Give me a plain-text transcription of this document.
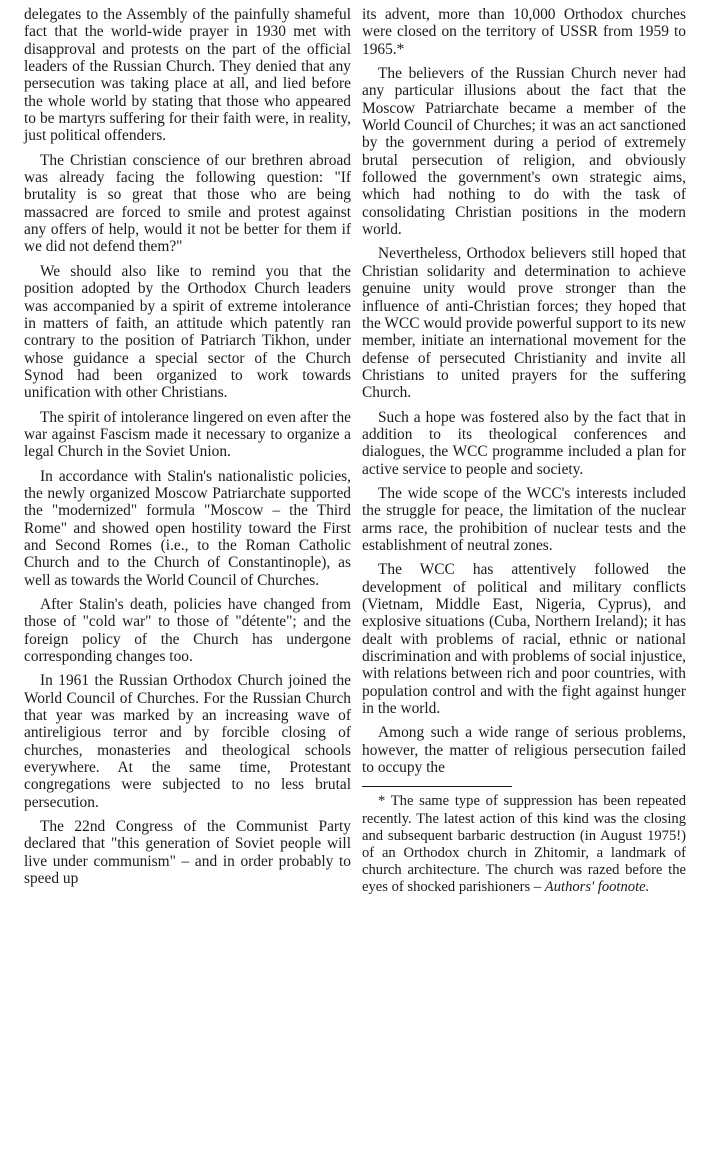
delegates to the Assembly of the painfully shameful fact that the world-wide prayer in 1930 met with disapproval and protests on the part of the official leaders of the Russian Church. They denied that any persecution was taking place at all, and lied before the whole world by stating that those who appeared to be martyrs suffering for their faith were, in reality, just political offenders.

The Christian conscience of our brethren abroad was already facing the following question: "If brutality is so great that those who are being massacred are forced to smile and protest against any offers of help, would it not be better for them if we did not defend them?"

We should also like to remind you that the position adopted by the Orthodox Church leaders was accompanied by a spirit of extreme intolerance in matters of faith, an attitude which patently ran contrary to the position of Patriarch Tikhon, under whose guidance a special sector of the Church Synod had been organized to work towards unification with other Christians.

The spirit of intolerance lingered on even after the war against Fascism made it necessary to organize a legal Church in the Soviet Union.

In accordance with Stalin's nationalistic policies, the newly organized Moscow Patriarchate supported the "modernized" formula "Moscow – the Third Rome" and showed open hostility toward the First and Second Romes (i.e., to the Roman Catholic Church and to the Church of Constantinople), as well as towards the World Council of Churches.

After Stalin's death, policies have changed from those of "cold war" to those of "détente"; and the foreign policy of the Church has undergone corresponding changes too.

In 1961 the Russian Orthodox Church joined the World Council of Churches. For the Russian Church that year was marked by an increasing wave of antireligious terror and by forcible closing of churches, monasteries and theological schools everywhere. At the same time, Protestant congregations were subjected to no less brutal persecution.

The 22nd Congress of the Communist Party declared that "this generation of Soviet people will live under communism" – and in order probably to speed up

its advent, more than 10,000 Orthodox churches were closed on the territory of USSR from 1959 to 1965.*

The believers of the Russian Church never had any particular illusions about the fact that the Moscow Patriarchate became a member of the World Council of Churches; it was an act sanctioned by the government during a period of extremely brutal persecution of religion, and obviously followed the government's own strategic aims, which had nothing to do with the task of consolidating Christian positions in the modern world.

Nevertheless, Orthodox believers still hoped that Christian solidarity and determination to achieve genuine unity would prove stronger than the influence of anti-Christian forces; they hoped that the WCC would provide powerful support to its new member, initiate an international movement for the defense of persecuted Christianity and invite all Christians to united prayers for the suffering Church.

Such a hope was fostered also by the fact that in addition to its theological conferences and dialogues, the WCC programme included a plan for active service to people and society.

The wide scope of the WCC's interests included the struggle for peace, the limitation of the nuclear arms race, the prohibition of nuclear tests and the establishment of neutral zones.

The WCC has attentively followed the development of political and military conflicts (Vietnam, Middle East, Nigeria, Cyprus), and explosive situations (Cuba, Northern Ireland); it has dealt with problems of racial, ethnic or national discrimination and with problems of social injustice, with relations between rich and poor countries, with population control and with the fight against hunger in the world.

Among such a wide range of serious problems, however, the matter of religious persecution failed to occupy the

* The same type of suppression has been repeated recently. The latest action of this kind was the closing and subsequent barbaric destruction (in August 1975!) of an Orthodox church in Zhitomir, a landmark of church architecture. The church was razed before the eyes of shocked parishioners – Authors' footnote.
